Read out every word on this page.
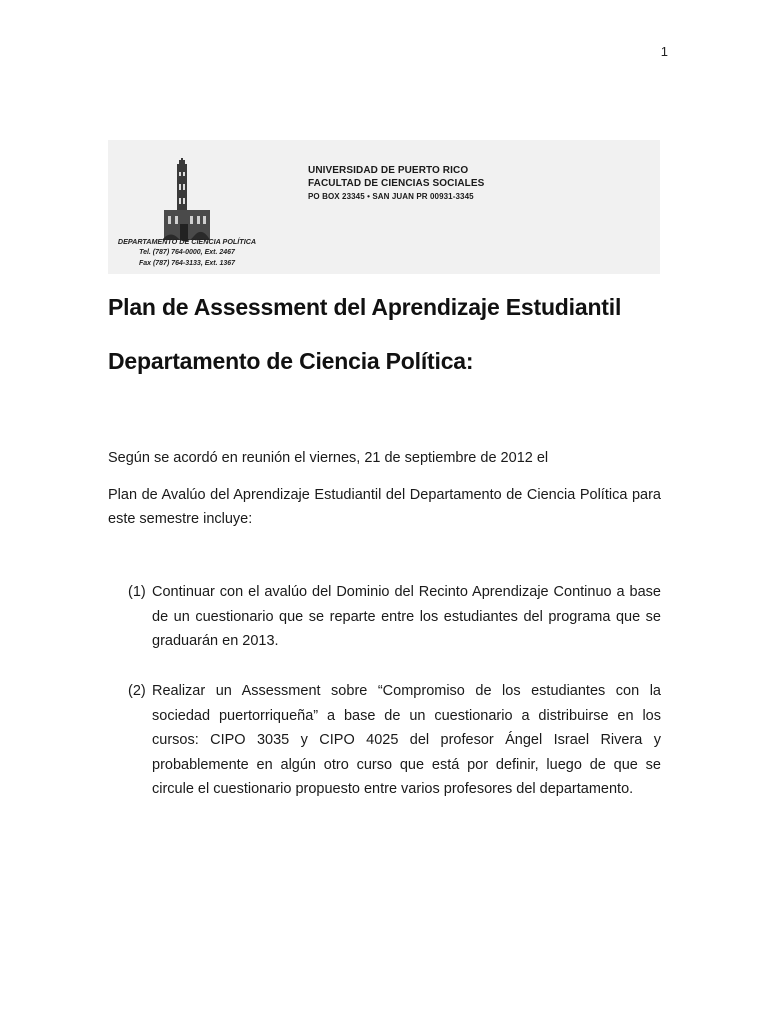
1
UNIVERSIDAD DE PUERTO RICO
FACULTAD DE CIENCIAS SOCIALES
PO BOX 23345 • SAN JUAN PR 00931-3345
DEPARTAMENTO DE CIENCIA POLÍTICA
Tel. (787) 764-0000, Ext. 2467
Fax (787) 764-3133, Ext. 1367
Plan de Assessment del Aprendizaje Estudiantil
Departamento de Ciencia Política:

Según se acordó en reunión el viernes, 21 de septiembre de 2012 el

Plan de Avalúo del Aprendizaje Estudiantil del Departamento de Ciencia Política para este semestre incluye:

(1) Continuar con el avalúo del Dominio del Recinto Aprendizaje Continuo a base de un cuestionario que se reparte entre los estudiantes del programa que se graduarán en 2013.

(2) Realizar un Assessment sobre “Compromiso de los estudiantes con la sociedad puertorriqueña” a base de un cuestionario a distribuirse en los cursos: CIPO 3035 y CIPO 4025 del profesor Ángel Israel Rivera y probablemente en algún otro curso que está por definir, luego de que se circule el cuestionario propuesto entre varios profesores del departamento.
